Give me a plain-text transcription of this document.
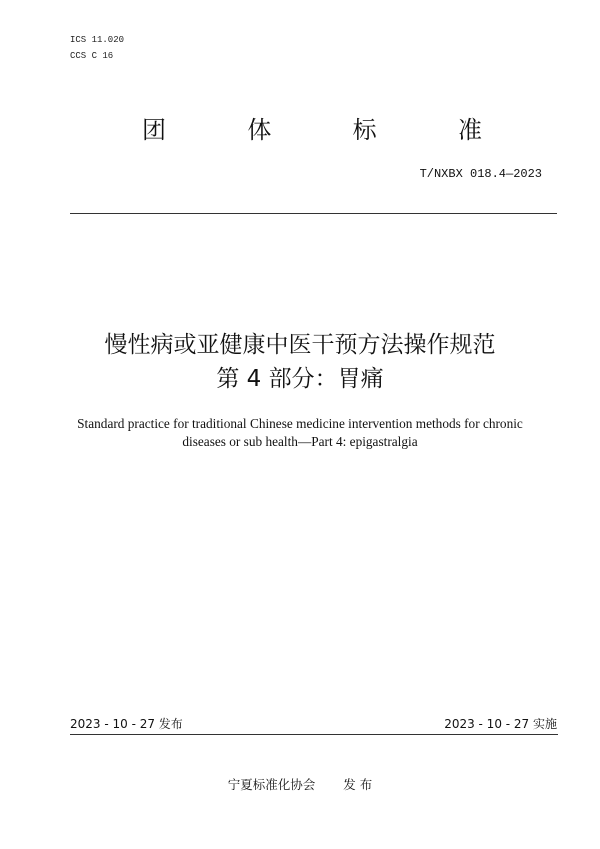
ICS 11.020
CCS C 16
团	体	标	准
T/NXBX 018.4—2023
慢性病或亚健康中医干预方法操作规范
第 4 部分：胃痛
Standard practice for traditional Chinese medicine intervention methods for chronic
diseases or sub health—Part 4: epigastralgia
2023 - 10 - 27 发布	2023 - 10 - 27 实施
宁夏标准化协会 发 布
